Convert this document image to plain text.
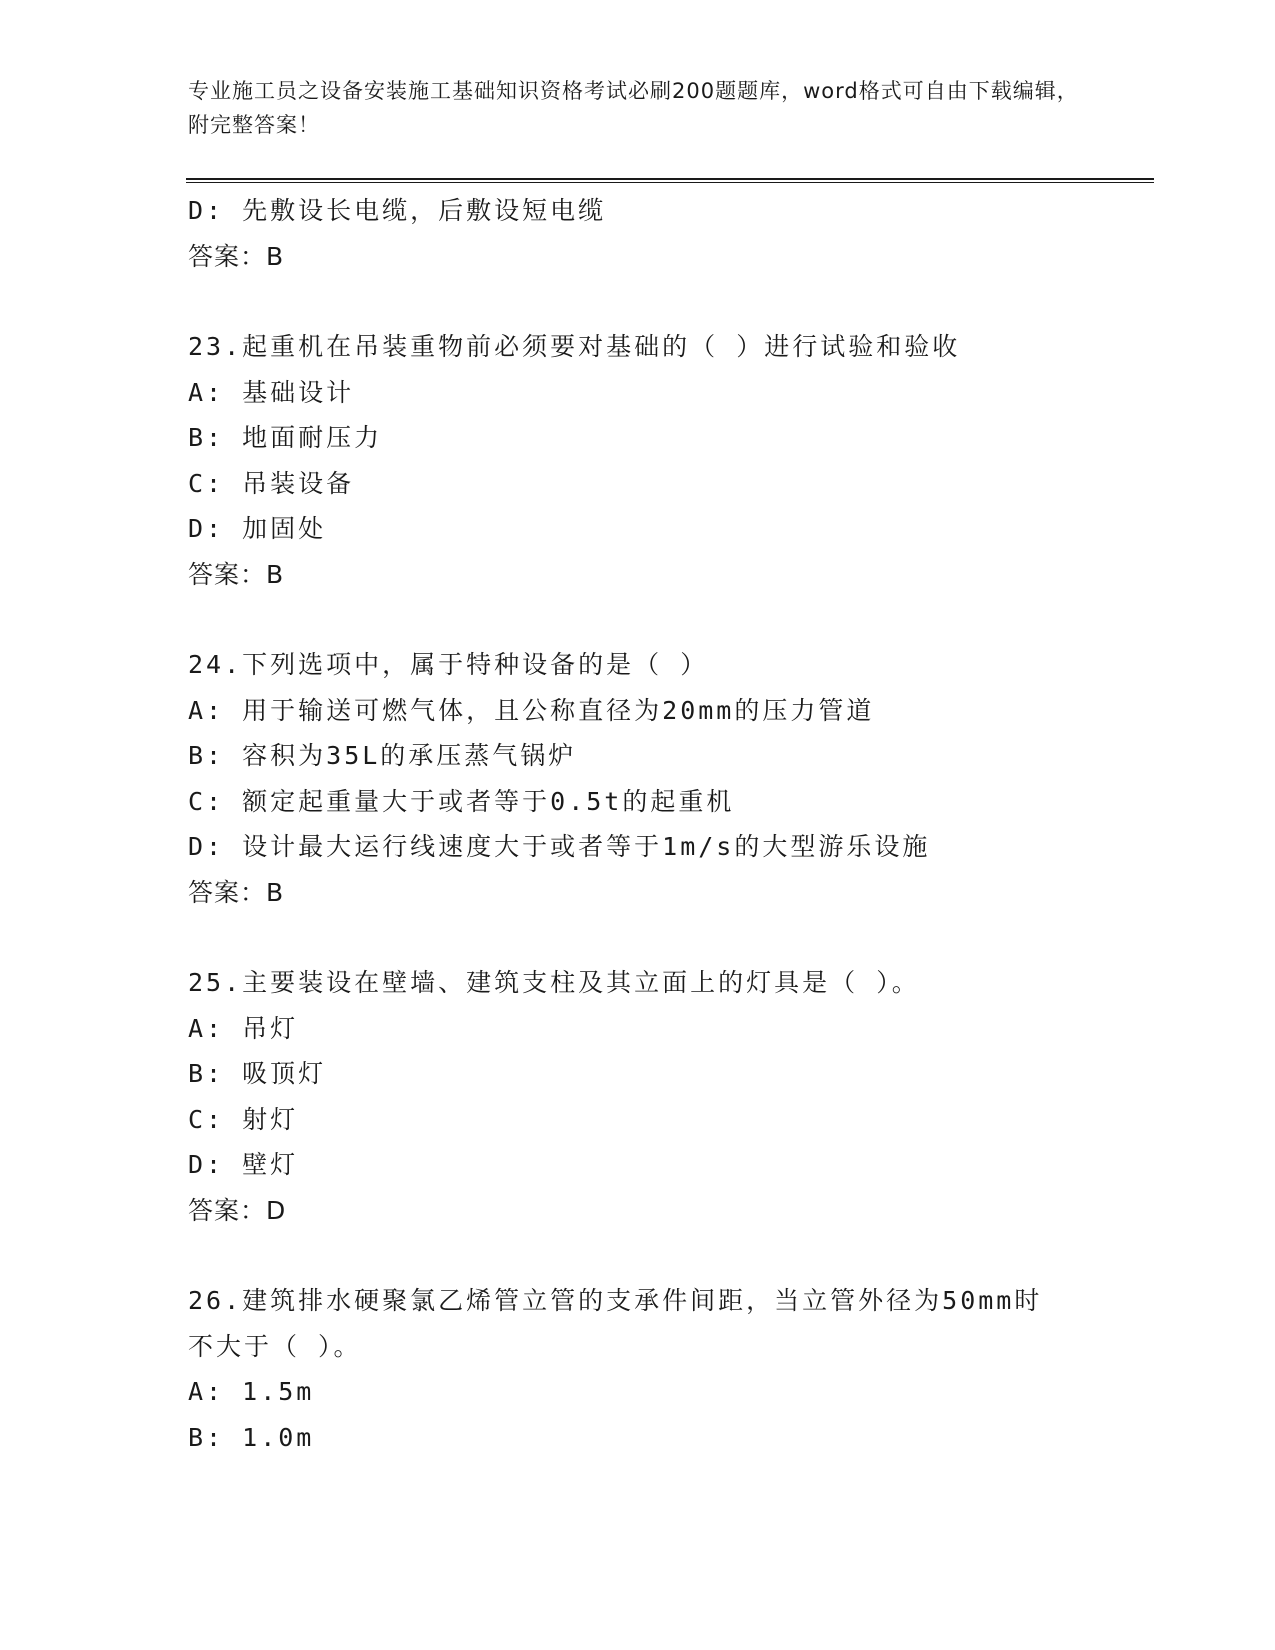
专业施工员之设备安装施工基础知识资格考试必刷200题题库，word格式可自由下载编辑，附完整答案！
D: 先敷设长电缆，后敷设短电缆
答案：B
23.起重机在吊装重物前必须要对基础的（ ）进行试验和验收
A: 基础设计
B: 地面耐压力
C: 吊装设备
D: 加固处
答案：B
24.下列选项中，属于特种设备的是（ ）
A: 用于输送可燃气体，且公称直径为20mm的压力管道
B: 容积为35L的承压蒸气锅炉
C: 额定起重量大于或者等于0.5t的起重机
D: 设计最大运行线速度大于或者等于1m/s的大型游乐设施
答案：B
25.主要装设在壁墙、建筑支柱及其立面上的灯具是（ ）。
A: 吊灯
B: 吸顶灯
C: 射灯
D: 壁灯
答案：D
26.建筑排水硬聚氯乙烯管立管的支承件间距，当立管外径为50mm时不大于（ ）。
A: 1.5m
B: 1.0m
